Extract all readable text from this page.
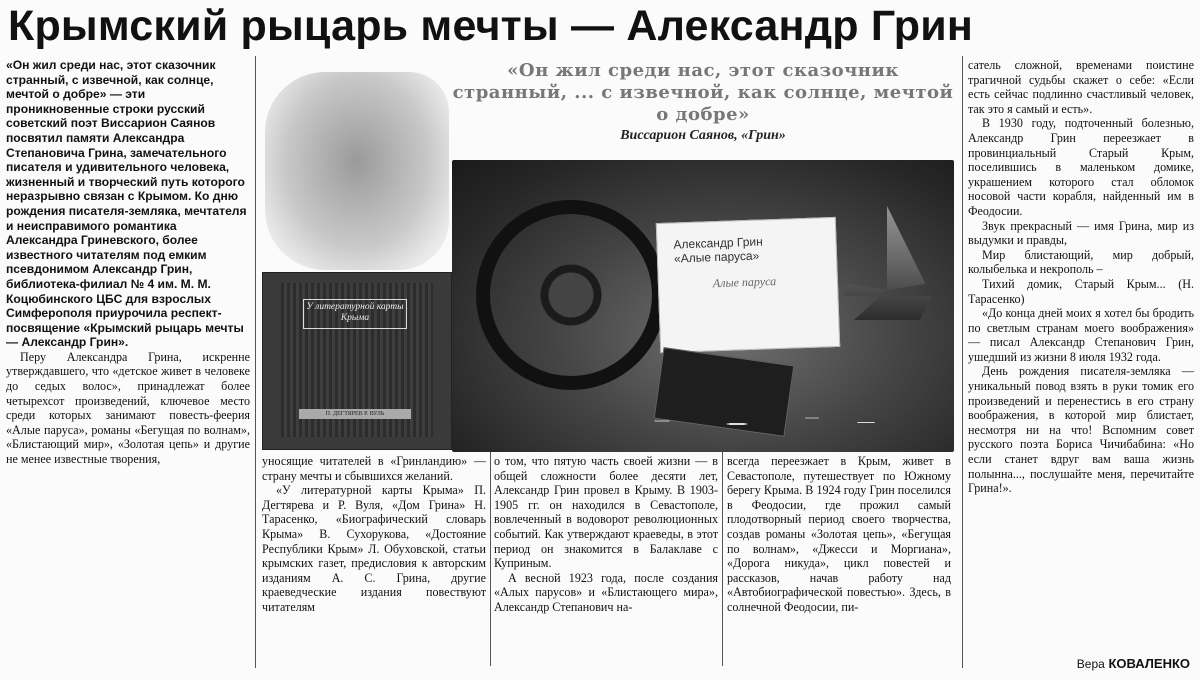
Крымский рыцарь мечты — Александр Грин

«Он жил среди нас, этот сказочник странный, с извечной, как солнце, мечтой о добре» — эти проникновенные строки русский советский поэт Виссарион Саянов посвятил памяти Александра Степановича Грина, замечательного писателя и удивительного человека, жизненный и творческий путь которого неразрывно связан с Крымом. Ко дню рождения писателя-земляка, мечтателя и неисправимого романтика Александра Гриневского, более известного читателям под емким псевдонимом Александр Грин, библиотека-филиал № 4 им. М. М. Коцюбинского ЦБС для взрослых Симферополя приурочила реcпект-посвящение «Крымский рыцарь мечты — Александр Грин».

Перу Александра Грина, искренне утверждавшего, что «детское живет в человеке до седых волос», принадлежат более четырехсот произведений, ключевое место среди которых занимают повесть-феерия «Алые паруса», романы «Бегущая по волнам», «Блистающий мир», «Золотая цепь» и другие не менее известные творения,

У литературной карты Крыма
П. ДЕГТЯРЕВ Р. ВУЛЬ
«Он жил среди нас, этот сказочник странный, ... с извечной, как солнце, мечтой о добре»
Виссарион Саянов, «Грин»
Александр Грин
«Алые паруса»
Алые паруса

уносящие читателей в «Гринландию» — страну мечты и сбывшихся желаний.

«У литературной карты Крыма» П. Дегтярева и Р. Вуля, «Дом Грина» Н. Тарасенко, «Биографический словарь Крыма» В. Сухорукова, «Достояние Республики Крым» Л. Обуховской, статьи крымских газет, предисловия к авторским изданиям А. С. Грина, другие краеведческие издания повествуют читателям

о том, что пятую часть своей жизни — в общей сложности более десяти лет, Александр Грин провел в Крыму. В 1903-1905 гг. он находился в Севастополе, вовлеченный в водоворот революционных событий. Как утверждают краеведы, в этот период он знакомится в Балаклаве с Куприным.

А весной 1923 года, после создания «Алых парусов» и «Блистающего мира», Александр Степанович на-

всегда переезжает в Крым, живет в Севастополе, путешествует по Южному берегу Крыма. В 1924 году Грин поселился в Феодосии, где прожил самый плодотворный период своего творчества, создав романы «Золотая цепь», «Бегущая по волнам», «Джесси и Моргиана», «Дорога никуда», цикл повестей и рассказов, начав работу над «Автобиографической повестью». Здесь, в солнечной Феодосии, пи-

сатель сложной, временами поистине трагичной судьбы скажет о себе: «Если есть сейчас подлинно счастливый человек, так это я самый и есть».

В 1930 году, подточенный болезнью, Александр Грин переезжает в провинциальный Старый Крым, поселившись в маленьком домике, украшением которого стал обломок носовой части корабля, найденный им в Феодосии.

Звук прекрасный — имя Грина, мир из выдумки и правды,

Мир блистающий, мир добрый, колыбелька и некрополь –

Тихий домик, Старый Крым... (Н. Тарасенко)

«До конца дней моих я хотел бы бродить по светлым странам моего воображения» — писал Александр Степанович Грин, ушедший из жизни 8 июля 1932 года.

День рождения писателя-земляка — уникальный повод взять в руки томик его произведений и перенестись в его страну воображения, в которой мир блистает, несмотря ни на что! Вспомним совет русского поэта Бориса Чичибабина: «Но если станет вдруг вам ваша жизнь полынна..., послушайте меня, перечитайте Грина!».

Вера КОВАЛЕНКО
